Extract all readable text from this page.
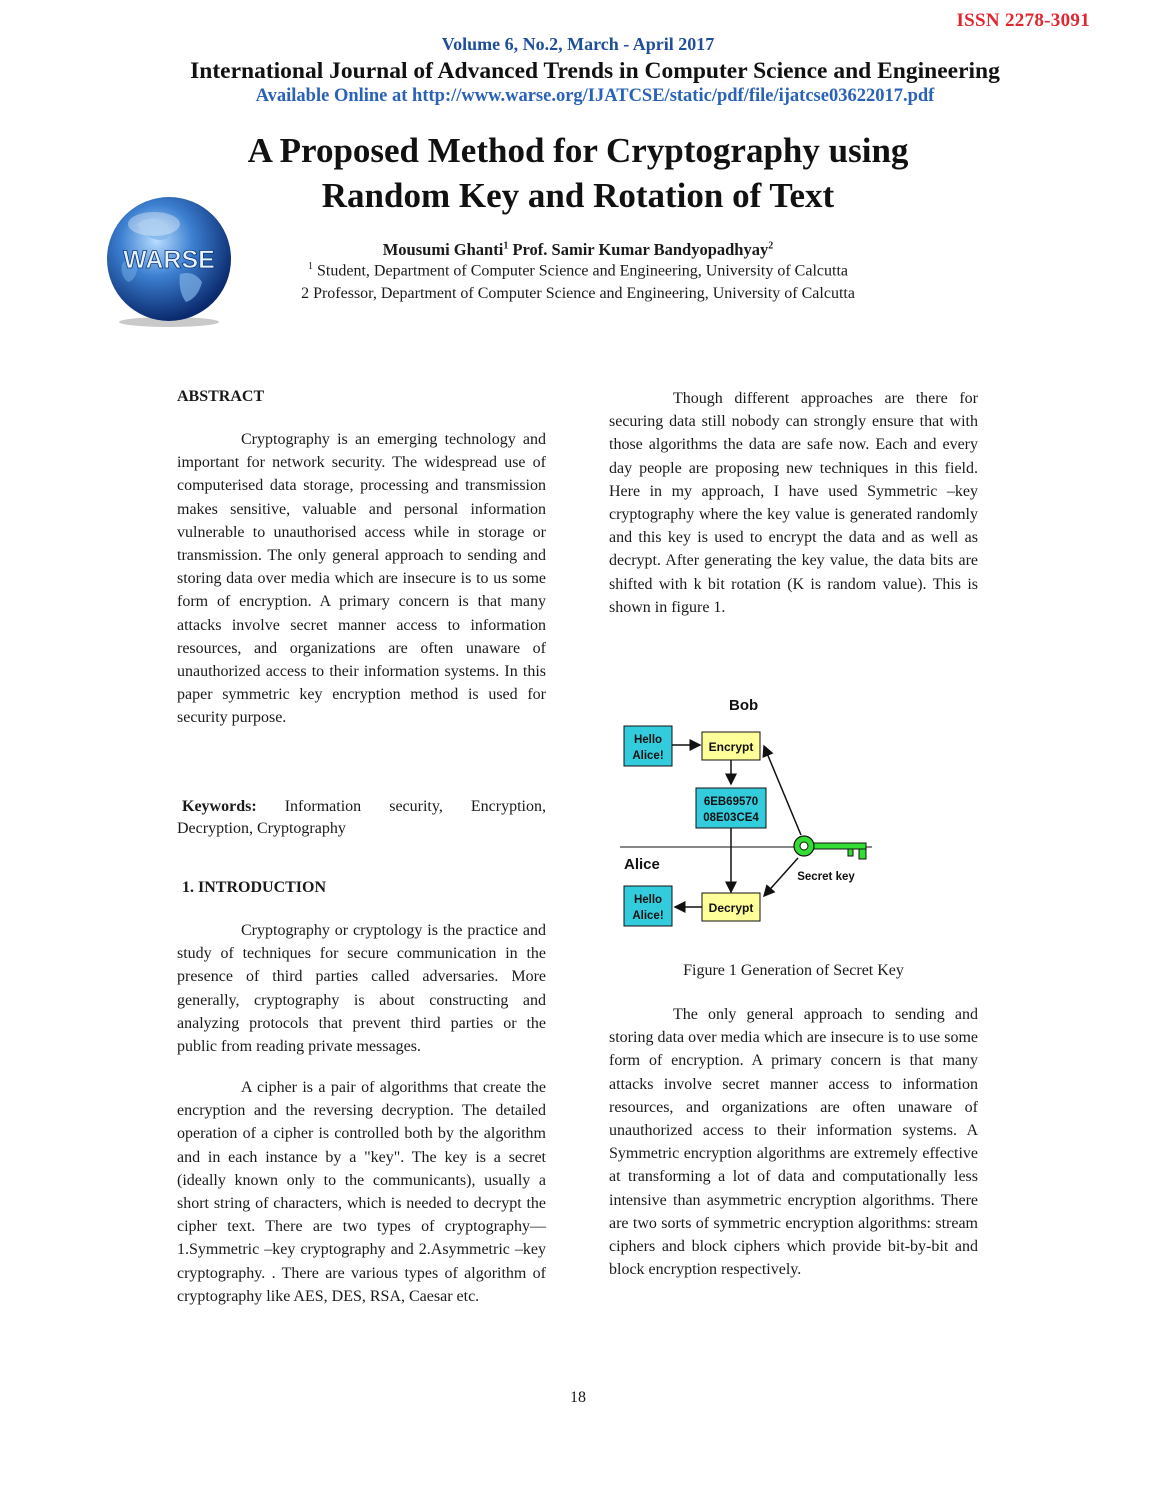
ISSN 2278-3091
Volume 6, No.2, March - April 2017
International Journal of Advanced Trends in Computer Science and Engineering
Available Online at http://www.warse.org/IJATCSE/static/pdf/file/ijatcse03622017.pdf
WARSE
A Proposed Method for Cryptography using
Random Key and Rotation of Text
Mousumi Ghanti$^1$ Prof. Samir Kumar Bandyopadhyay$^2$
$^1$ Student, Department of Computer Science and Engineering, University of Calcutta
2 Professor, Department of Computer Science and Engineering, University of Calcutta
ABSTRACT

Cryptography is an emerging technology and important for network security. The widespread use of computerised data storage, processing and transmission makes sensitive, valuable and personal information vulnerable to unauthorised access while in storage or transmission. The only general approach to sending and storing data over media which are insecure is to us some form of encryption. A primary concern is that many attacks involve secret manner access to information resources, and organizations are often unaware of unauthorized access to their information systems. In this paper symmetric key encryption method is used for security purpose.

Keywords: Information security, Encryption, Decryption, Cryptography

1. INTRODUCTION

Cryptography or cryptology is the practice and study of techniques for secure communication in the presence of third parties called adversaries. More generally, cryptography is about constructing and analyzing protocols that prevent third parties or the public from reading private messages.

A cipher is a pair of algorithms that create the encryption and the reversing decryption. The detailed operation of a cipher is controlled both by the algorithm and in each instance by a "key". The key is a secret (ideally known only to the communicants), usually a short string of characters, which is needed to decrypt the cipher text. There are two types of cryptography—1.Symmetric –key cryptography and 2.Asymmetric –key cryptography. . There are various types of algorithm of cryptography like AES, DES, RSA, Caesar etc.

Though different approaches are there for securing data still nobody can strongly ensure that with those algorithms the data are safe now. Each and every day people are proposing new techniques in this field. Here in my approach, I have used Symmetric –key cryptography where the key value is generated randomly and this key is used to encrypt the data and as well as decrypt. After generating the key value, the data bits are shifted with k bit rotation (K is random value). This is shown in figure 1.

Bob
Hello
Alice!
Encrypt
6EB69570
08E03CE4
Alice
Hello
Alice!
Decrypt
Secret key
Figure 1 Generation of Secret Key

The only general approach to sending and storing data over media which are insecure is to use some form of encryption. A primary concern is that many attacks involve secret manner access to information resources, and organizations are often unaware of unauthorized access to their information systems. A Symmetric encryption algorithms are extremely effective at transforming a lot of data and computationally less intensive than asymmetric encryption algorithms. There are two sorts of symmetric encryption algorithms: stream ciphers and block ciphers which provide bit-by-bit and block encryption respectively.

18
